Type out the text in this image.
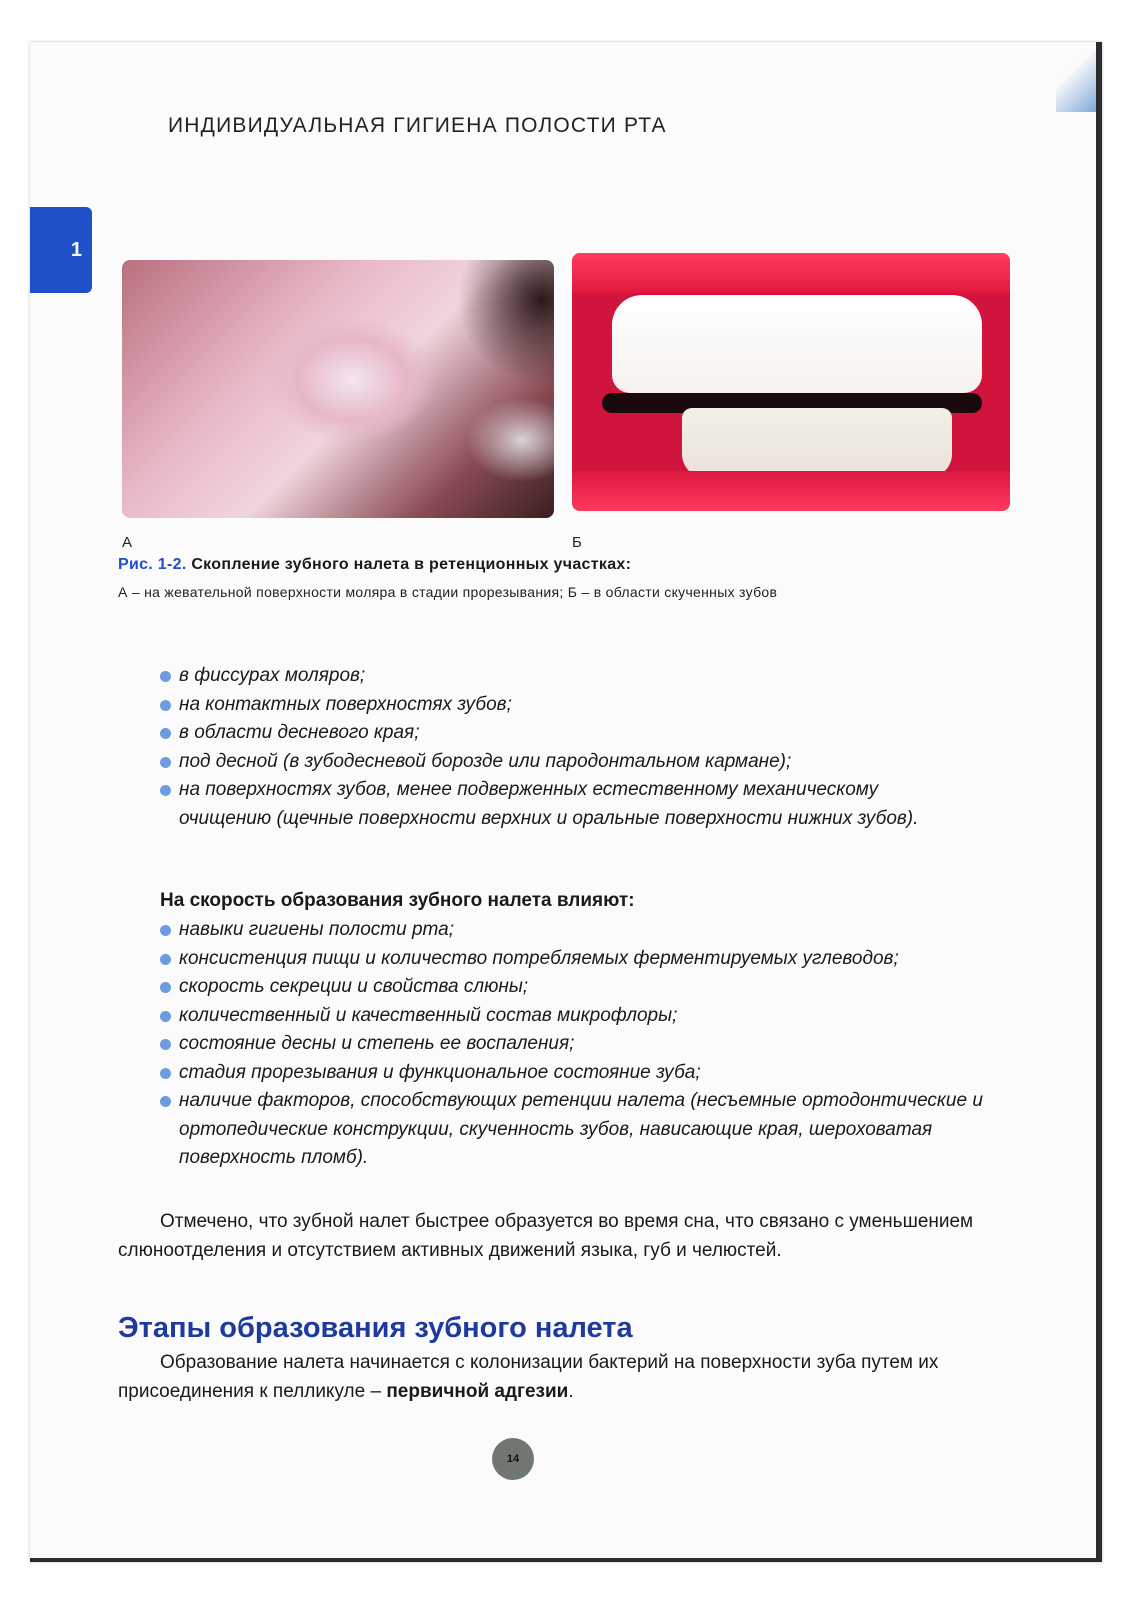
ИНДИВИДУАЛЬНАЯ ГИГИЕНА ПОЛОСТИ РТА
1
А	Б
Рис. 1-2. Скопление зубного налета в ретенционных участках:
А – на жевательной поверхности моляра в стадии прорезывания; Б – в области скученных зубов
в фиссурах моляров;
на контактных поверхностях зубов;
в области десневого края;
под десной (в зубодесневой борозде или пародонтальном кармане);
на поверхностях зубов, менее подверженных естественному механическому очищению (щечные поверхности верхних и оральные поверхности нижних зубов).
На скорость образования зубного налета влияют:
навыки гигиены полости рта;
консистенция пищи и количество потребляемых ферментируемых углеводов;
скорость секреции и свойства слюны;
количественный и качественный состав микрофлоры;
состояние десны и степень ее воспаления;
стадия прорезывания и функциональное состояние зуба;
наличие факторов, способствующих ретенции налета (несъемные ортодонтические и ортопедические конструкции, скученность зубов, нависающие края, шероховатая поверхность пломб).

Отмечено, что зубной налет быстрее образуется во время сна, что связано с уменьшением слюноотделения и отсутствием активных движений языка, губ и челюстей.

Этапы образования зубного налета

Образование налета начинается с колонизации бактерий на поверхности зуба путем их присоединения к пелликуле – первичной адгезии.

14
